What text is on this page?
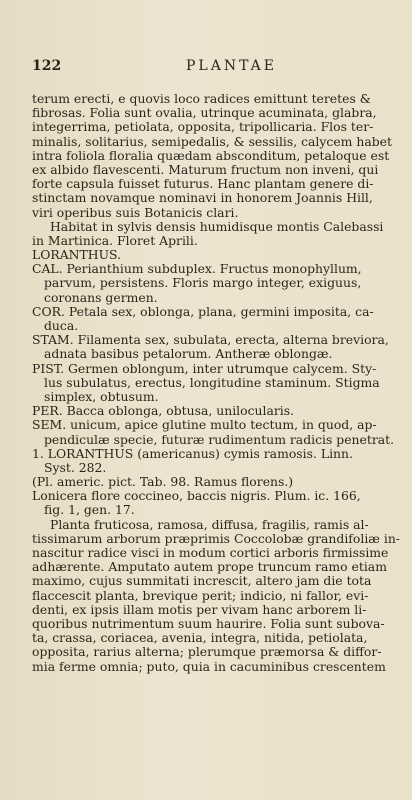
122	PLANTAE
terum erecti, e quovis loco radices emittunt teretes &
fibrosas. Folia sunt ovalia, utrinque acuminata, glabra,
integerrima, petiolata, opposita, tripollicaria. Flos ter-
minalis, solitarius, semipedalis, & sessilis, calycem habet
intra foliola floralia quædam absconditum, petaloque est
ex albido flavescenti. Maturum fructum non inveni, qui
forte capsula fuisset futurus. Hanc plantam genere di-
stinctam novamque nominavi in honorem Joannis Hill,
viri operibus suis Botanicis clari.
Habitat in sylvis densis humidisque montis Calebassi
in Martinica. Floret Aprili.
LORANTHUS.
CAL. Perianthium subduplex. Fructus monophyllum,
parvum, persistens. Floris margo integer, exiguus,
coronans germen.
COR. Petala sex, oblonga, plana, germini imposita, ca-
duca.
STAM. Filamenta sex, subulata, erecta, alterna breviora,
adnata basibus petalorum. Antheræ oblongæ.
PIST. Germen oblongum, inter utrumque calycem. Sty-
lus subulatus, erectus, longitudine staminum. Stigma
simplex, obtusum.
PER. Bacca oblonga, obtusa, unilocularis.
SEM. unicum, apice glutine multo tectum, in quod, ap-
pendiculæ specie, futuræ rudimentum radicis penetrat.
1. LORANTHUS (americanus) cymis ramosis. Linn.
Syst. 282.
(Pl. americ. pict. Tab. 98. Ramus florens.)
Lonicera flore coccineo, baccis nigris. Plum. ic. 166,
fig. 1, gen. 17.
Planta fruticosa, ramosa, diffusa, fragilis, ramis al-
tissimarum arborum præprimis Coccolobæ grandifoliæ in-
nascitur radice visci in modum cortici arboris firmissime
adhærente. Amputato autem prope truncum ramo etiam
maximo, cujus summitati increscit, altero jam die tota
flaccescit planta, brevique perit; indicio, ni fallor, evi-
denti, ex ipsis illam motis per vivam hanc arborem li-
quoribus nutrimentum suum haurire. Folia sunt subova-
ta, crassa, coriacea, avenia, integra, nitida, petiolata,
opposita, rarius alterna; plerumque præmorsa & diffor-
mia ferme omnia; puto, quia in cacuminibus crescentem
